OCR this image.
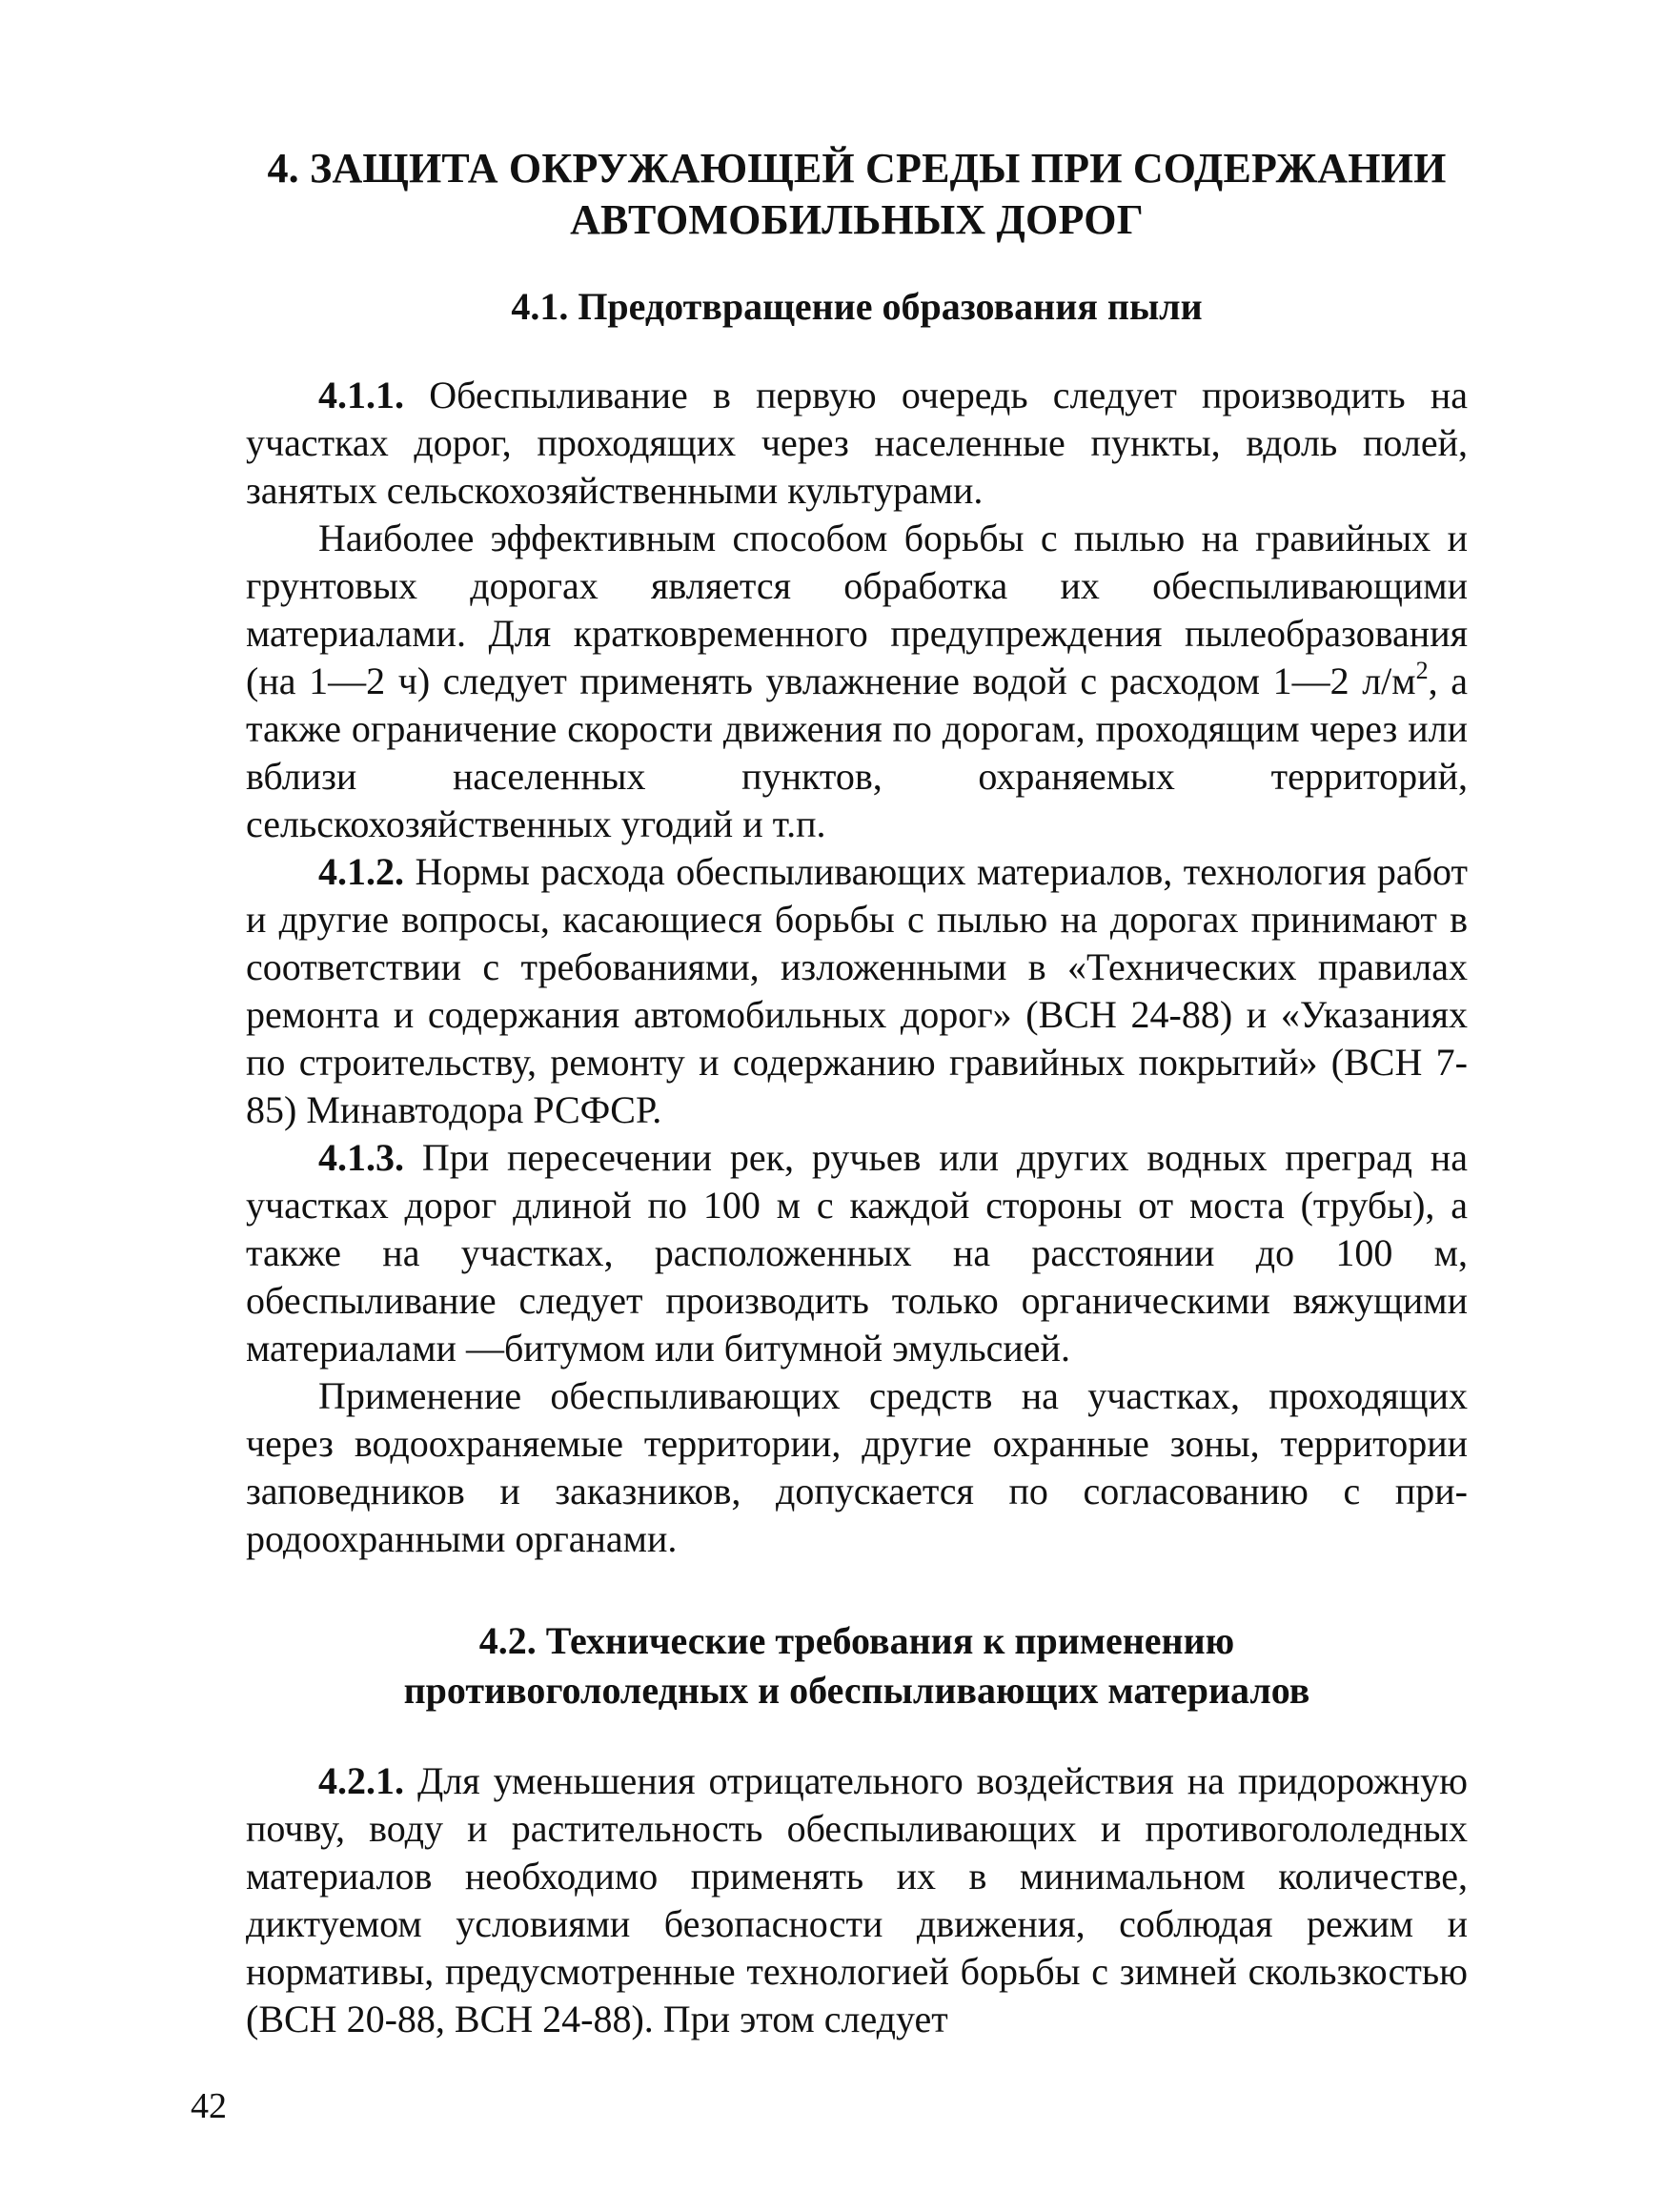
4. ЗАЩИТА ОКРУЖАЮЩЕЙ СРЕДЫ ПРИ СОДЕРЖАНИИ
АВТОМОБИЛЬНЫХ ДОРОГ
4.1. Предотвращение образования пыли

4.1.1. Обеспыливание в первую очередь следует производить на участках дорог, проходящих через населенные пункты, вдоль полей, занятых сельскохозяйственными культурами.

Наиболее эффективным способом борьбы с пылью на гравийных и грунтовых дорогах является обработка их обеспыливающими материалами. Для кратковременного предупреждения пылеобразования (на 1—2 ч) следует применять увлажнение водой с расходом 1—2 $л/м^2$, а также ограничение скорости движения по дорогам, проходящим через или вблизи населенных пунктов, охраняемых территорий, сельскохозяйственных угодий и т.п.

4.1.2. Нормы расхода обеспыливающих материалов, технология работ и другие вопросы, касающиеся борьбы с пылью на дорогах принимают в соответствии с требованиями, изложенными в «Технических правилах ремонта и содержания автомобильных дорог» (ВСН 24-88) и «Указаниях по строительству, ремонту и содержанию гравийных покрытий» (ВСН 7-85) Минавтодора РСФСР.

4.1.3. При пересечении рек, ручьев или других водных преград на участках дорог длиной по 100 м с каждой стороны от моста (трубы), а также на участках, расположенных на расстоянии до 100 м, обеспыливание следует производить только органическими вяжущими материалами —битумом или битумной эмульсией.

Применение обеспыливающих средств на участках, проходящих через водоохраняемые территории, другие охранные зоны, территории заповедников и заказников, допускается по согласованию с природоохранными органами.

4.2. Технические требования к применению
противогололедных и обеспыливающих материалов

4.2.1. Для уменьшения отрицательного воздействия на придорожную почву, воду и растительность обеспыливающих и противогололедных материалов необходимо применять их в минимальном количестве, диктуемом условиями безопасности движения, соблюдая режим и нормативы, предусмотренные технологией борьбы с зимней скользкостью (ВСН 20-88, ВСН 24-88). При этом следует

42
